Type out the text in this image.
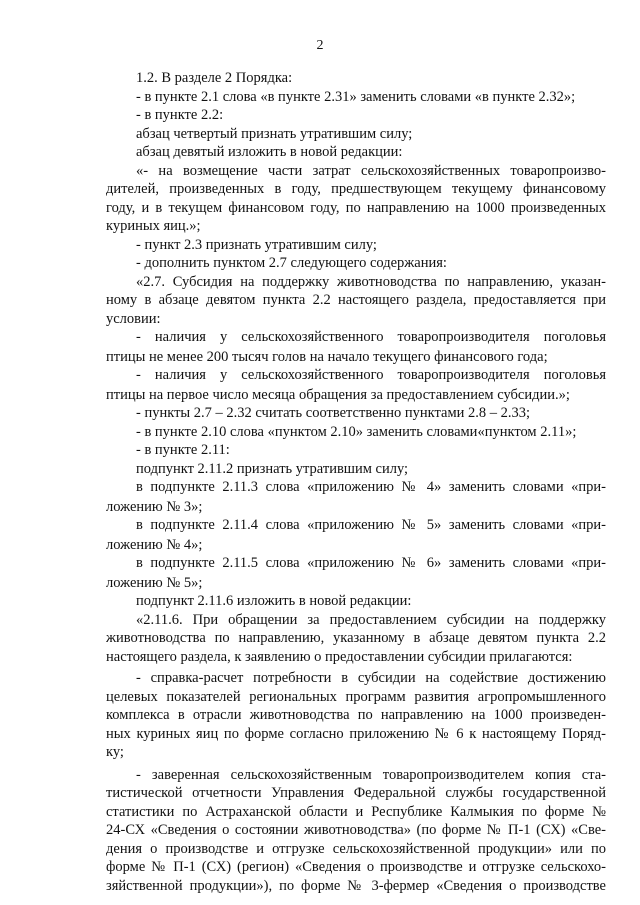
2
1.2. В разделе 2 Порядка:
- в пункте 2.1 слова «в пункте 2.31» заменить словами «в пункте 2.32»;
- в пункте 2.2:
абзац четвертый признать утратившим силу;
абзац девятый изложить в новой редакции:
«- на возмещение части затрат сельскохозяйственных товаропроизво-
дителей, произведенных в году, предшествующем текущему финансовому
году, и в текущем финансовом году, по направлению на 1000 произведенных
куриных яиц.»;
- пункт 2.3 признать утратившим силу;
- дополнить пунктом 2.7 следующего содержания:
«2.7. Субсидия на поддержку животноводства по направлению, указан-
ному в абзаце девятом пункта 2.2 настоящего раздела, предоставляется при
условии:
- наличия у сельскохозяйственного товаропроизводителя поголовья
птицы не менее 200 тысяч голов на начало текущего финансового года;
- наличия у сельскохозяйственного товаропроизводителя поголовья
птицы на первое число месяца обращения за предоставлением субсидии.»;
- пункты 2.7 – 2.32 считать соответственно пунктами 2.8 – 2.33;
- в пункте 2.10 слова «пунктом 2.10» заменить словами«пунктом 2.11»;
- в пункте 2.11:
подпункт 2.11.2 признать утратившим силу;
в подпункте 2.11.3 слова «приложению № 4» заменить словами «при-
ложению № 3»;
в подпункте 2.11.4 слова «приложению № 5» заменить словами «при-
ложению № 4»;
в подпункте 2.11.5 слова «приложению № 6» заменить словами «при-
ложению № 5»;
подпункт 2.11.6 изложить в новой редакции:
«2.11.6. При обращении за предоставлением субсидии на поддержку
животноводства по направлению, указанному в абзаце девятом пункта 2.2
настоящего раздела, к заявлению о предоставлении субсидии прилагаются:
- справка-расчет потребности в субсидии на содействие достижению
целевых показателей региональных программ развития агропромышленного
комплекса в отрасли животноводства по направлению на 1000 произведен-
ных куриных яиц по форме согласно приложению № 6 к настоящему Поряд-
ку;
- заверенная сельскохозяйственным товаропроизводителем копия ста-
тистической отчетности Управления Федеральной службы государственной
статистики по Астраханской области и Республике Калмыкия по форме №
24-СХ «Сведения о состоянии животноводства» (по форме № П-1 (СХ) «Све-
дения о производстве и отгрузке сельскохозяйственной продукции» или по
форме № П-1 (СХ) (регион) «Сведения о производстве и отгрузке сельскохо-
зяйственной продукции»), по форме № 3-фермер «Сведения о производстве
